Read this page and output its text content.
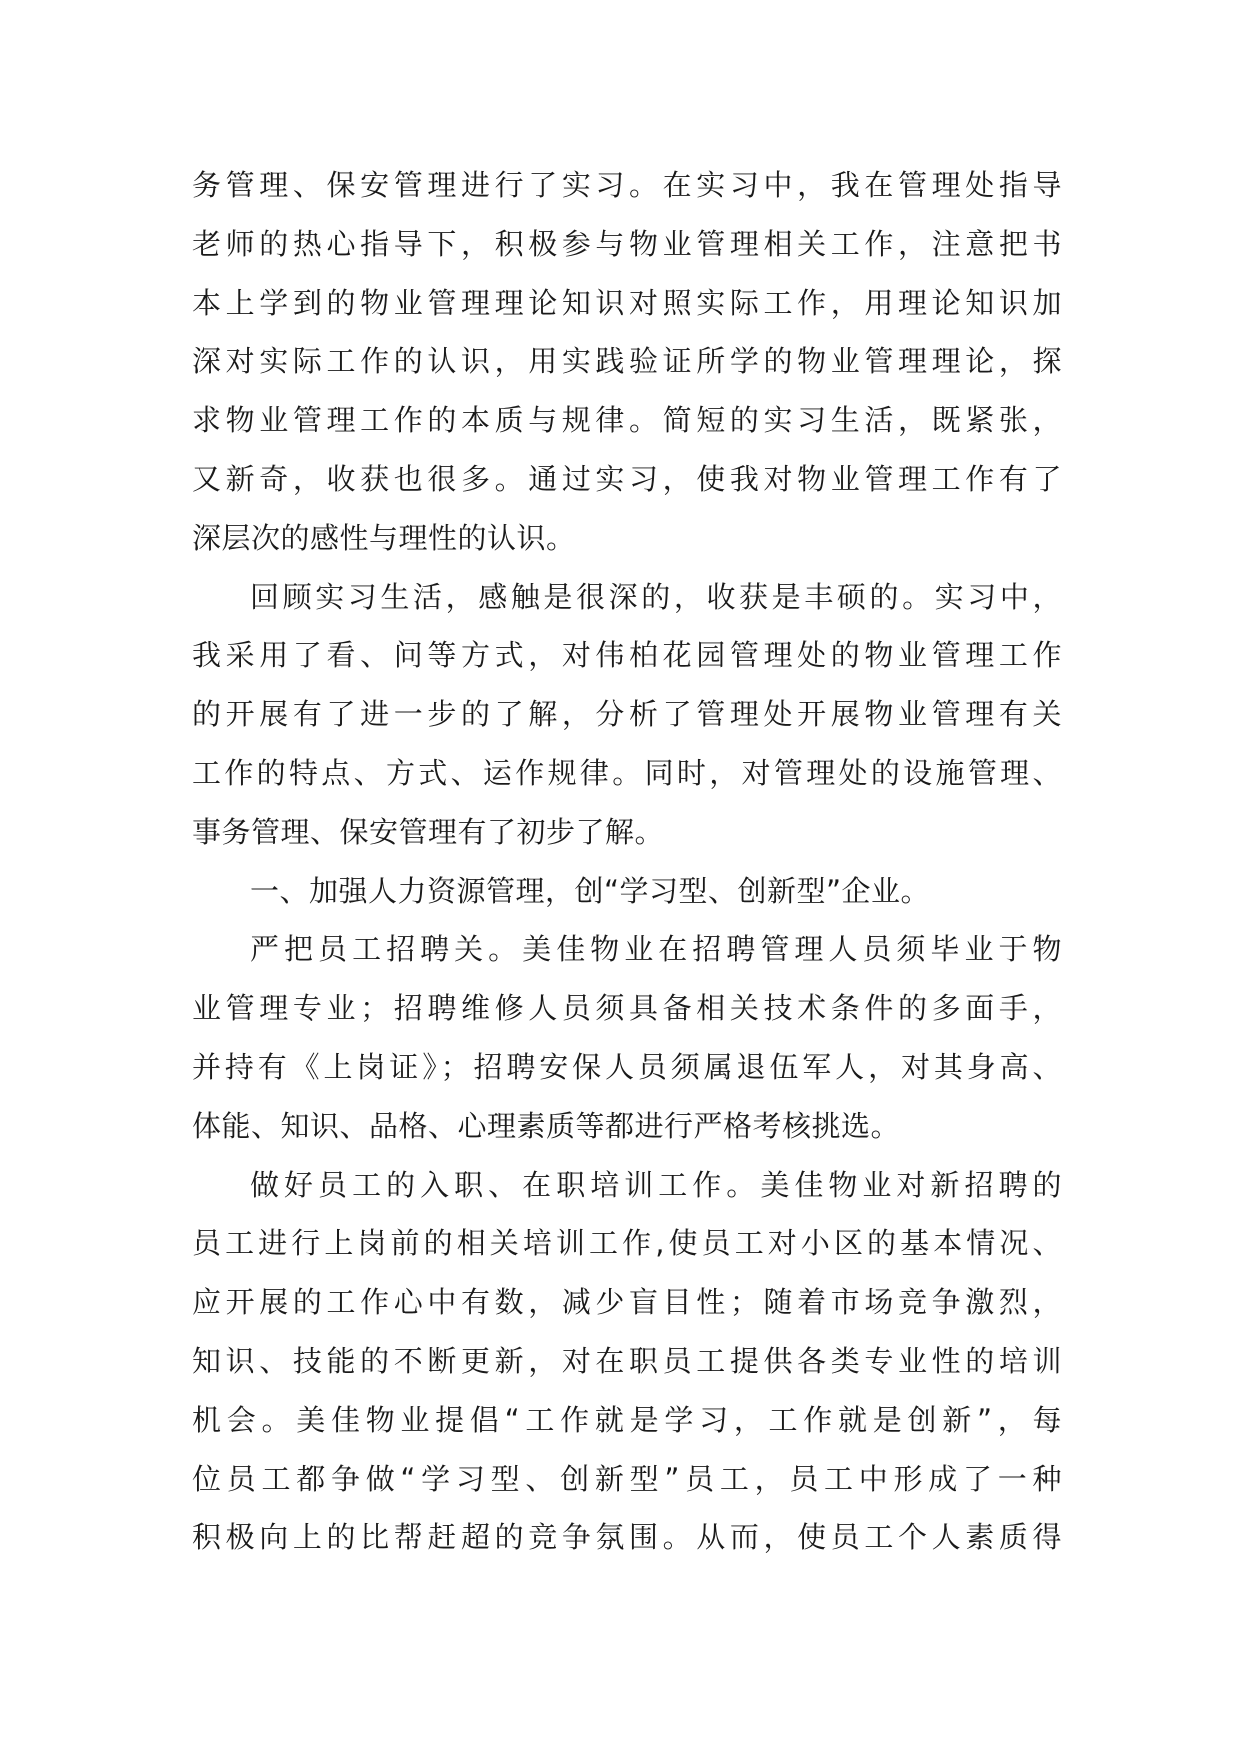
务管理、保安管理进行了实习。在实习中，我在管理处指导
老师的热心指导下，积极参与物业管理相关工作，注意把书
本上学到的物业管理理论知识对照实际工作，用理论知识加
深对实际工作的认识，用实践验证所学的物业管理理论，探
求物业管理工作的本质与规律。简短的实习生活，既紧张，
又新奇，收获也很多。通过实习，使我对物业管理工作有了
深层次的感性与理性的认识。
回顾实习生活，感触是很深的，收获是丰硕的。实习中，
我采用了看、问等方式，对伟柏花园管理处的物业管理工作
的开展有了进一步的了解，分析了管理处开展物业管理有关
工作的特点、方式、运作规律。同时，对管理处的设施管理、
事务管理、保安管理有了初步了解。
一、加强人力资源管理，创“学习型、创新型”企业。
严把员工招聘关。美佳物业在招聘管理人员须毕业于物
业管理专业；招聘维修人员须具备相关技术条件的多面手，
并持有《上岗证》；招聘安保人员须属退伍军人，对其身高、
体能、知识、品格、心理素质等都进行严格考核挑选。
做好员工的入职、在职培训工作。美佳物业对新招聘的
员工进行上岗前的相关培训工作,使员工对小区的基本情况、
应开展的工作心中有数，减少盲目性；随着市场竞争激烈，
知识、技能的不断更新，对在职员工提供各类专业性的培训
机会。美佳物业提倡“工作就是学习，工作就是创新”，每
位员工都争做“学习型、创新型”员工，员工中形成了一种
积极向上的比帮赶超的竞争氛围。从而，使员工个人素质得
